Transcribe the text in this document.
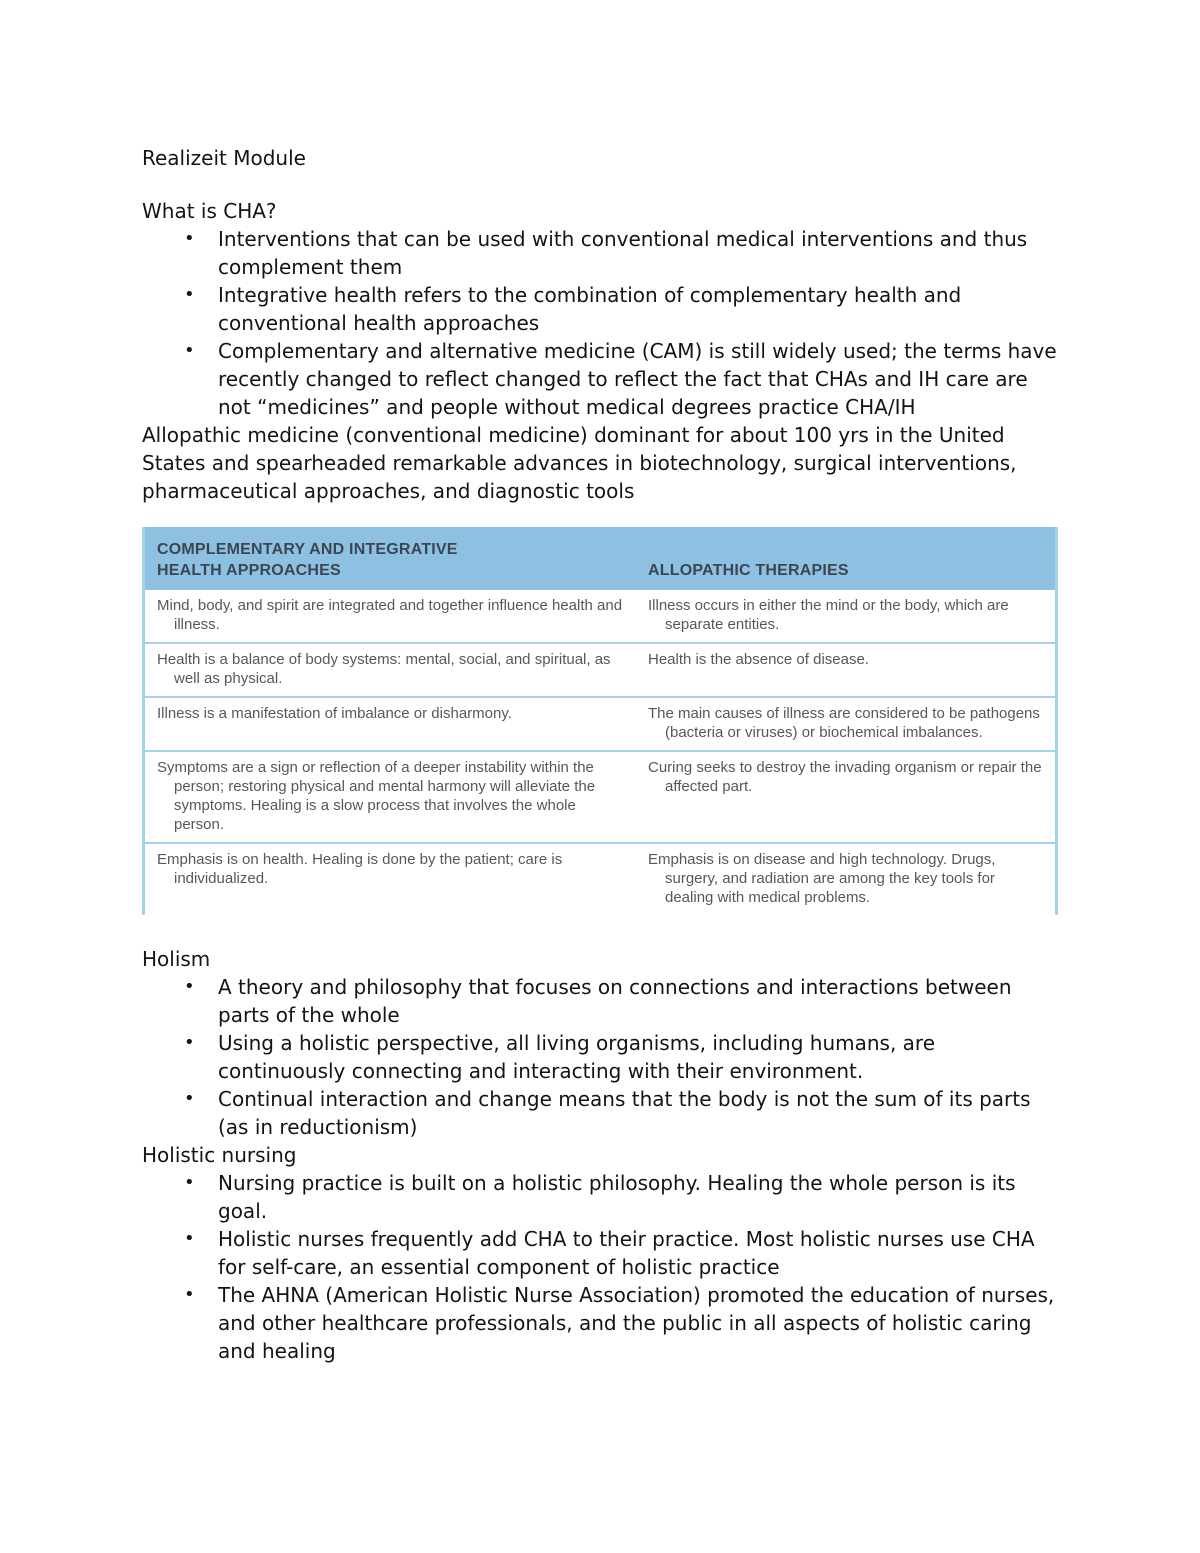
Realizeit Module
What is CHA?
• Interventions that can be used with conventional medical interventions and thus complement them
• Integrative health refers to the combination of complementary health and conventional health approaches
• Complementary and alternative medicine (CAM) is still widely used; the terms have recently changed to reflect changed to reflect the fact that CHAs and IH care are not “medicines” and people without medical degrees practice CHA/IH

Allopathic medicine (conventional medicine) dominant for about 100 yrs in the United States and spearheaded remarkable advances in biotechnology, surgical interventions, pharmaceutical approaches, and diagnostic tools

COMPLEMENTARY AND INTEGRATIVE HEALTH APPROACHES	ALLOPATHIC THERAPIES

Mind, body, and spirit are integrated and together influence health and illness.	Illness occurs in either the mind or the body, which are separate entities.

Health is a balance of body systems: mental, social, and spiritual, as well as physical.	Health is the absence of disease.

Illness is a manifestation of imbalance or disharmony.	The main causes of illness are considered to be pathogens (bacteria or viruses) or biochemical imbalances.

Symptoms are a sign or reflection of a deeper instability within the person; restoring physical and mental harmony will alleviate the symptoms. Healing is a slow process that involves the whole person.	Curing seeks to destroy the invading organism or repair the affected part.

Emphasis is on health. Healing is done by the patient; care is individualized.	Emphasis is on disease and high technology. Drugs, surgery, and radiation are among the key tools for dealing with medical problems.

Holism
• A theory and philosophy that focuses on connections and interactions between parts of the whole
• Using a holistic perspective, all living organisms, including humans, are continuously connecting and interacting with their environment.
• Continual interaction and change means that the body is not the sum of its parts (as in reductionism)
Holistic nursing
• Nursing practice is built on a holistic philosophy. Healing the whole person is its goal.
• Holistic nurses frequently add CHA to their practice. Most holistic nurses use CHA for self-care, an essential component of holistic practice
• The AHNA (American Holistic Nurse Association) promoted the education of nurses, and other healthcare professionals, and the public in all aspects of holistic caring and healing
